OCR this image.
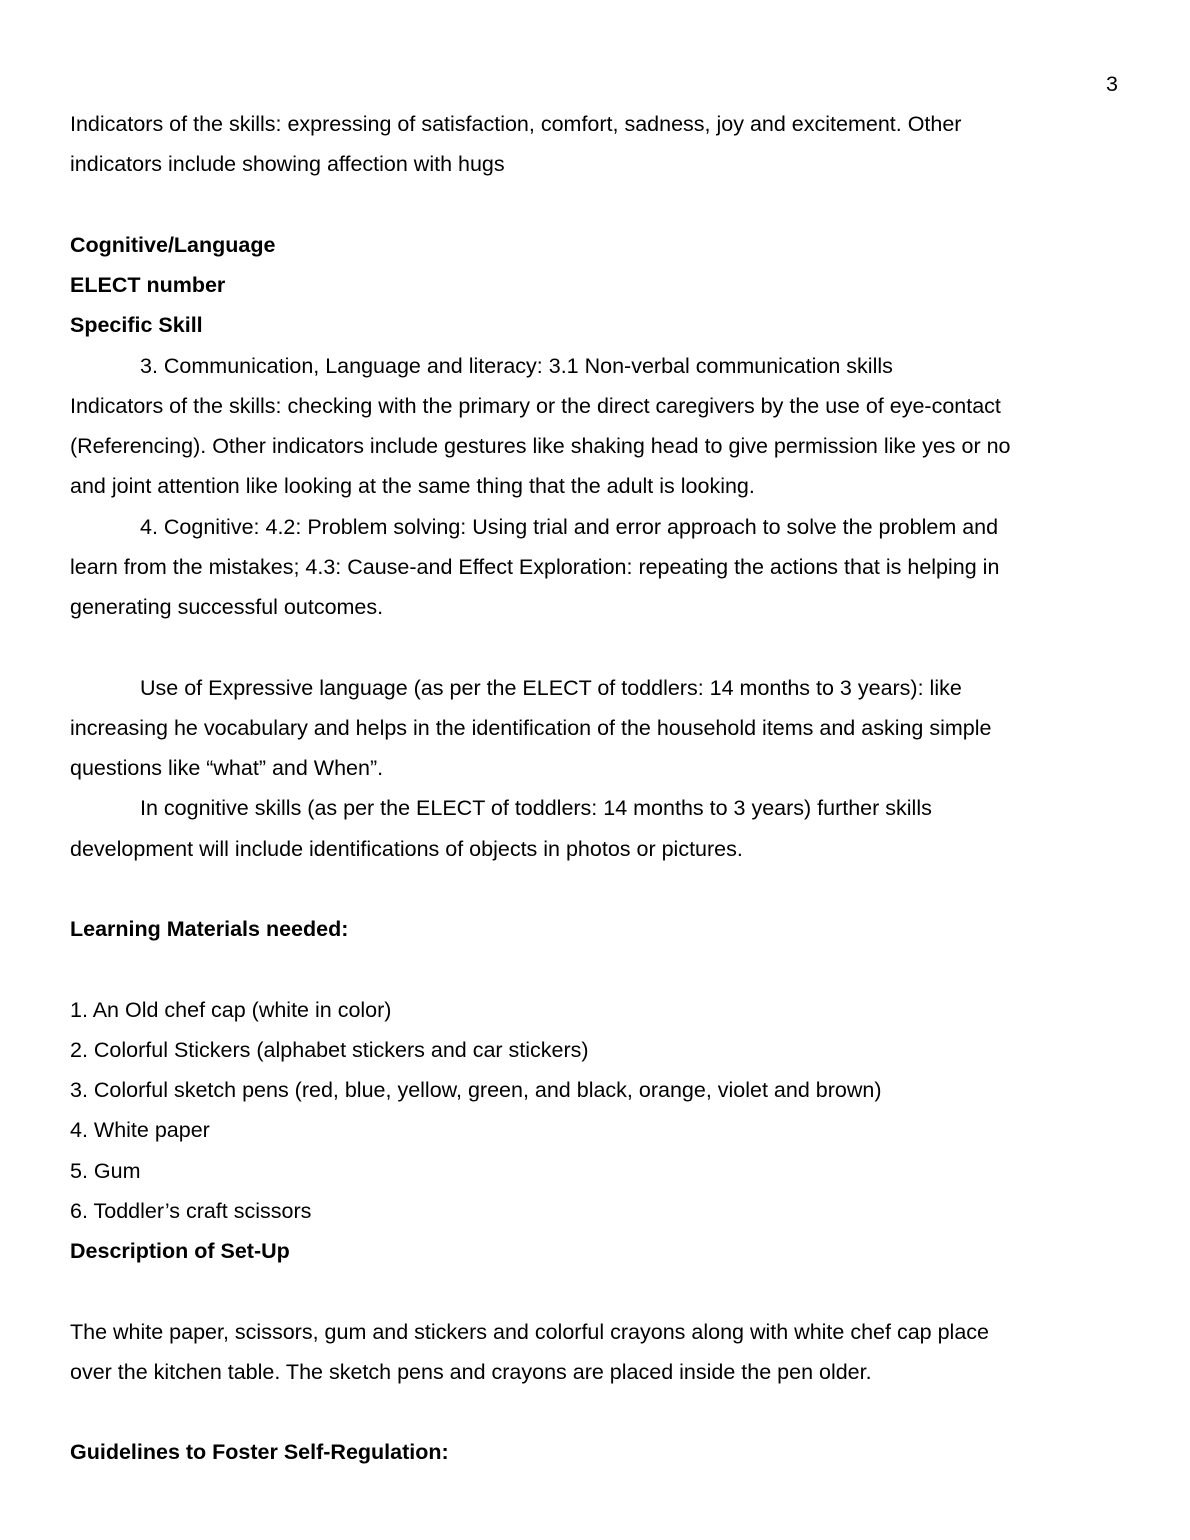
3
Indicators of the skills: expressing of satisfaction, comfort, sadness, joy and excitement. Other
indicators include showing affection with hugs
Cognitive/Language
ELECT number
Specific Skill
3. Communication, Language and literacy: 3.1 Non-verbal communication skills
Indicators of the skills: checking with the primary or the direct caregivers by the use of eye-contact
(Referencing). Other indicators include gestures like shaking head to give permission like yes or no
and joint attention like looking at the same thing that the adult is looking.
4. Cognitive: 4.2: Problem solving: Using trial and error approach to solve the problem and
learn from the mistakes; 4.3: Cause-and Effect Exploration: repeating the actions that is helping in
generating successful outcomes.
Use of Expressive language (as per the ELECT of toddlers: 14 months to 3 years): like
increasing he vocabulary and helps in the identification of the household items and asking simple
questions like “what” and When”.
In cognitive skills (as per the ELECT of toddlers: 14 months to 3 years) further skills
development will include identifications of objects in photos or pictures.
Learning Materials needed:
1. An Old chef cap (white in color)
2. Colorful Stickers (alphabet stickers and car stickers)
3. Colorful sketch pens (red, blue, yellow, green, and black, orange, violet and brown)
4. White paper
5. Gum
6. Toddler’s craft scissors
Description of Set-Up
The white paper, scissors, gum and stickers and colorful crayons along with white chef cap place
over the kitchen table. The sketch pens and crayons are placed inside the pen older.
Guidelines to Foster Self-Regulation:
